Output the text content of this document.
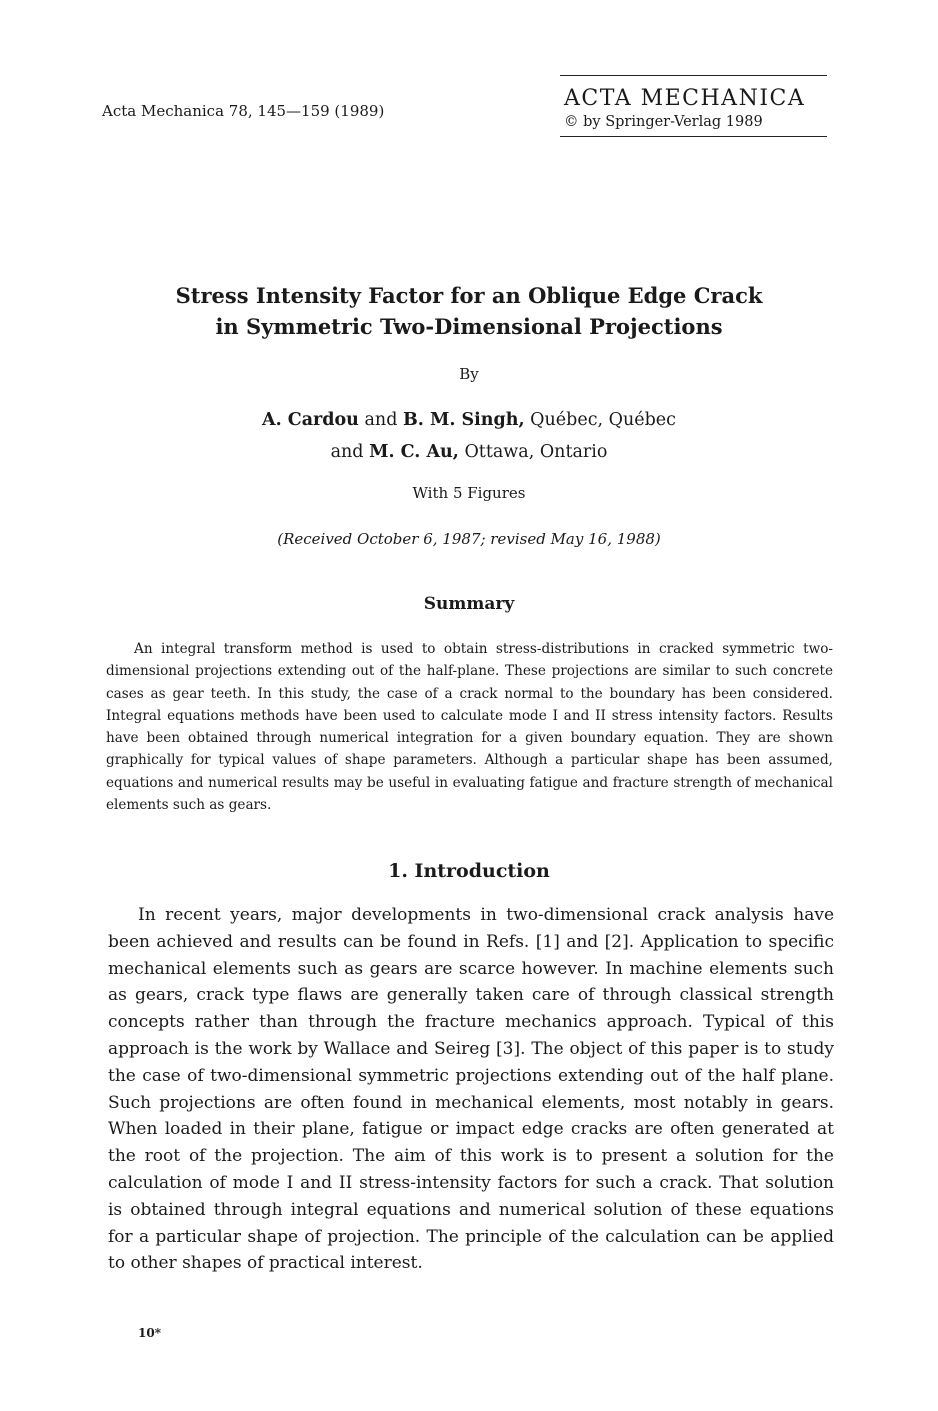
Acta Mechanica 78, 145—159 (1989)	ACTA MECHANICA
© by Springer-Verlag 1989
Stress Intensity Factor for an Oblique Edge Crack
in Symmetric Two-Dimensional Projections
By
A. Cardou and B. M. Singh, Québec, Québec
and M. C. Au, Ottawa, Ontario
With 5 Figures
(Received October 6, 1987; revised May 16, 1988)
Summary
An integral transform method is used to obtain stress-distributions in cracked symmetric two-dimensional projections extending out of the half-plane. These projections are similar to such concrete cases as gear teeth. In this study, the case of a crack normal to the boundary has been considered. Integral equations methods have been used to calculate mode I and II stress intensity factors. Results have been obtained through numerical integration for a given boundary equation. They are shown graphically for typical values of shape parameters. Although a particular shape has been assumed, equations and numerical results may be useful in evaluating fatigue and fracture strength of mechanical elements such as gears.
1. Introduction
In recent years, major developments in two-dimensional crack analysis have been achieved and results can be found in Refs. [1] and [2]. Application to specific mechanical elements such as gears are scarce however. In machine elements such as gears, crack type flaws are generally taken care of through classical strength concepts rather than through the fracture mechanics approach. Typical of this approach is the work by Wallace and Seireg [3]. The object of this paper is to study the case of two-dimensional symmetric projections extending out of the half plane. Such projections are often found in mechanical elements, most notably in gears. When loaded in their plane, fatigue or impact edge cracks are often generated at the root of the projection. The aim of this work is to present a solution for the calculation of mode I and II stress-intensity factors for such a crack. That solution is obtained through integral equations and numerical solution of these equations for a particular shape of projection. The principle of the calculation can be applied to other shapes of practical interest.
10*
